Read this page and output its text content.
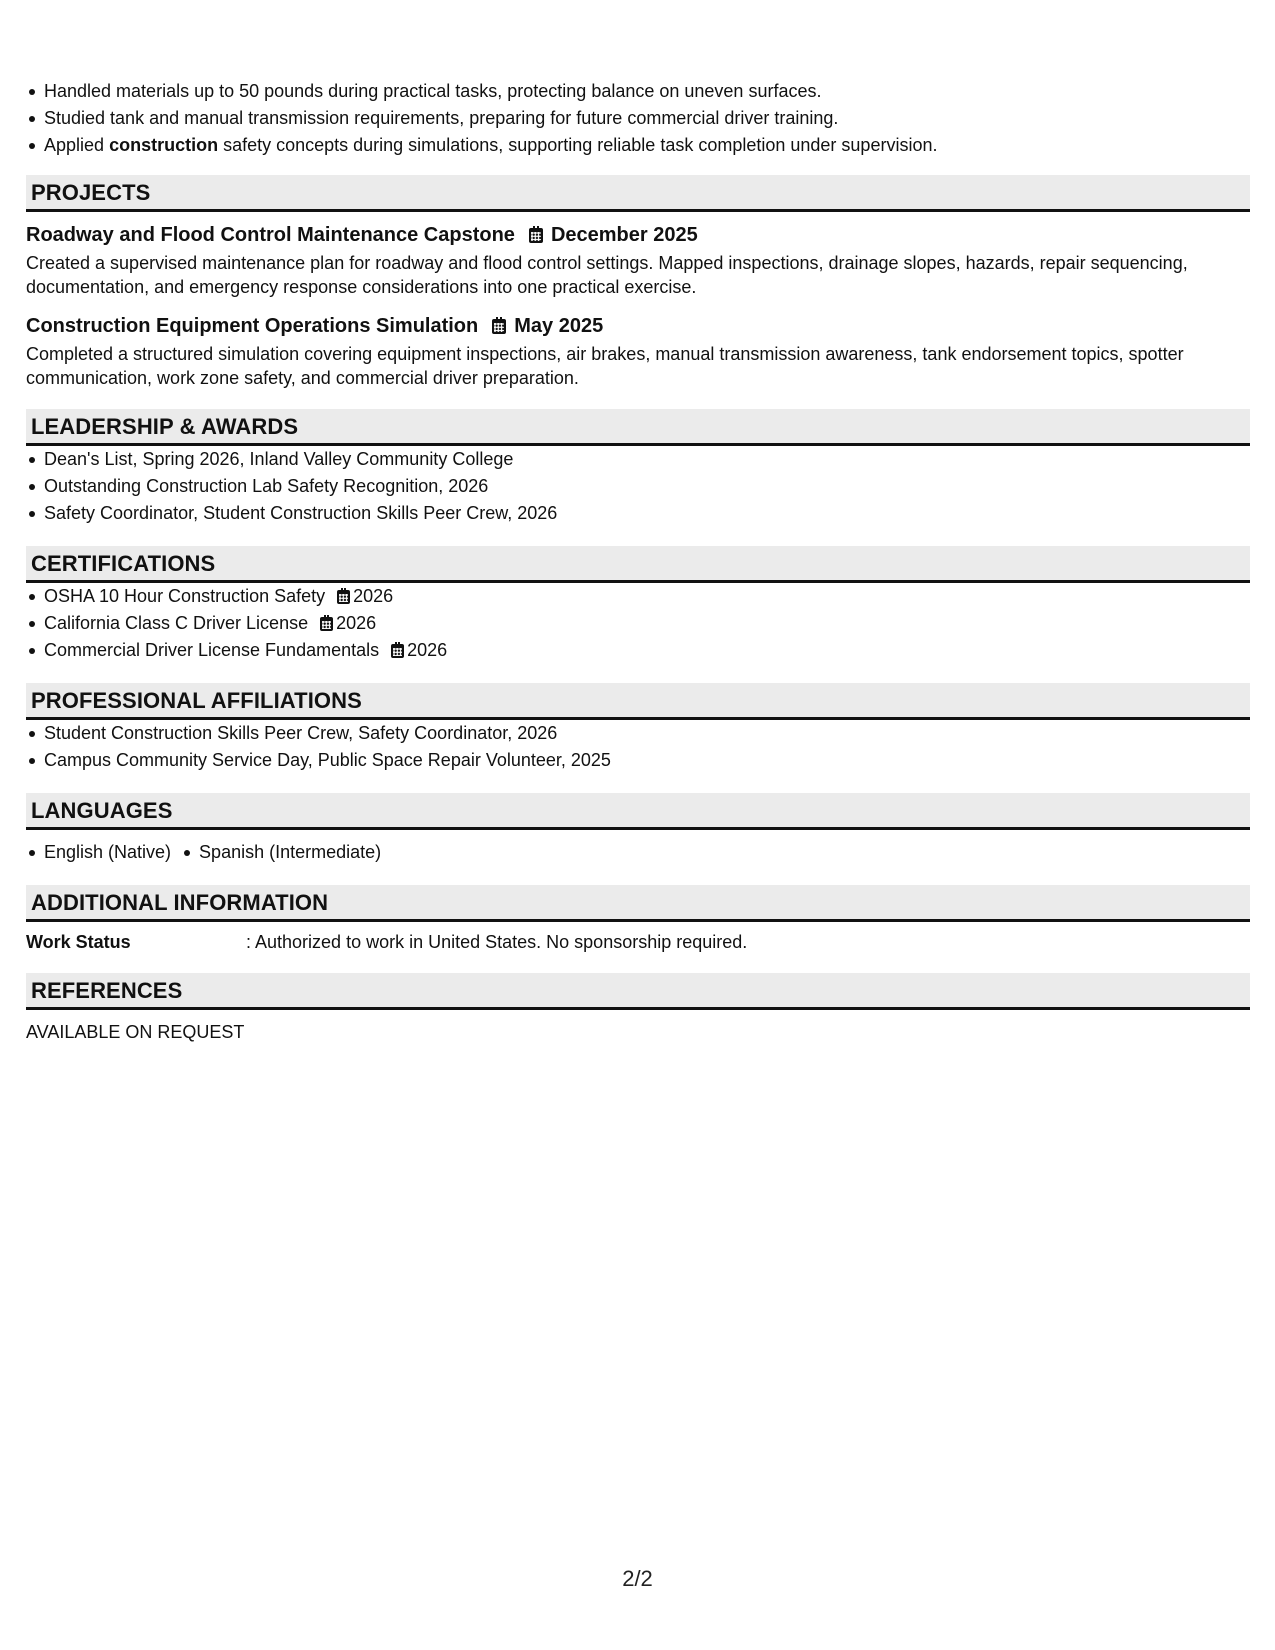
Handled materials up to 50 pounds during practical tasks, protecting balance on uneven surfaces.
Studied tank and manual transmission requirements, preparing for future commercial driver training.
Applied construction safety concepts during simulations, supporting reliable task completion under supervision.
PROJECTS
Roadway and Flood Control Maintenance Capstone December 2025
Created a supervised maintenance plan for roadway and flood control settings. Mapped inspections, drainage slopes, hazards, repair sequencing, documentation, and emergency response considerations into one practical exercise.
Construction Equipment Operations Simulation May 2025
Completed a structured simulation covering equipment inspections, air brakes, manual transmission awareness, tank endorsement topics, spotter communication, work zone safety, and commercial driver preparation.
LEADERSHIP & AWARDS
Dean's List, Spring 2026, Inland Valley Community College
Outstanding Construction Lab Safety Recognition, 2026
Safety Coordinator, Student Construction Skills Peer Crew, 2026
CERTIFICATIONS
OSHA 10 Hour Construction Safety 2026
California Class C Driver License 2026
Commercial Driver License Fundamentals 2026
PROFESSIONAL AFFILIATIONS
Student Construction Skills Peer Crew, Safety Coordinator, 2026
Campus Community Service Day, Public Space Repair Volunteer, 2025
LANGUAGES
English (Native) Spanish (Intermediate)
ADDITIONAL INFORMATION
Work Status	: Authorized to work in United States. No sponsorship required.
REFERENCES
AVAILABLE ON REQUEST
2/2
